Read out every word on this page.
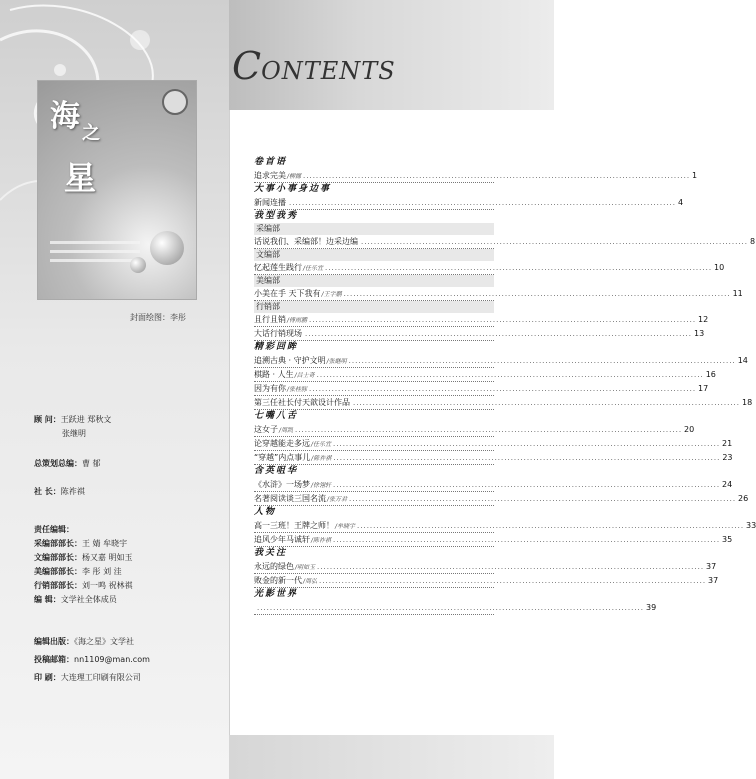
海 之
星
封面绘图：李彤
顾 问：王跃进 郑秋文
张继明
总策划总编：曹 郁
社 长：陈祚祺
责任编辑：
采编部部长：王 婧 牟晓宇
文编部部长：杨又嘉 明如玉
美编部部长：李 彤 刘 洼
行销部部长：刘一鸣 祝林祺
编 辑：文学社全体成员
编辑出版：《海之星》文学社
投稿邮箱：nn1109@man.com
印 刷：大连理工印刷有限公司
CONTENTS
卷首语
追求完美 /柳娜 ........................................................................................................................ 1
大事小事身边事
新闻连播 ........................................................................................................................ 4
我型我秀
采编部
话说我们、采编部！边采边编 ........................................................................................................................ 8
文编部
忆起莲生践行 /任乐宜 ........................................................................................................................ 10
美编部
小美在手 天下我有 /王宇鹏 ........................................................................................................................ 11
行销部
且行且销 /傅雨鹏 ........................................................................................................................ 12
大话行销现场 ........................................................................................................................ 13
精彩回眸
追溯古典 · 守护文明 /张継明 ........................................................................................................................ 14
棋路 · 人生 /吕士奇 ........................................................................................................................ 16
因为有你 /张桂豚 ........................................................................................................................ 17
第三任社长付天歆设计作品 ........................................................................................................................ 18
七嘴八舌
这女子 /周凯 ........................................................................................................................ 20
论穿越能走多远 /任乐宜 ........................................................................................................................ 21
“穿越”内点事儿 /陈祚祺 ........................................................................................................................ 23
含英咀华
《水浒》一场梦 /徐翎轩 ........................................................................................................................ 24
名著阅读谈三国名流 /张万君 ........................................................................................................................ 26
人物
高一三班！王牌之师！ /牟晓宇 ........................................................................................................................ 33
追风少年马诚轩 /陈祚祺 ........................................................................................................................ 35
我关注
永远的绿色 /明如玉 ........................................................................................................................ 37
败金的新一代 /周弘 ........................................................................................................................ 37
光影世界
........................................................................................................................ 39
